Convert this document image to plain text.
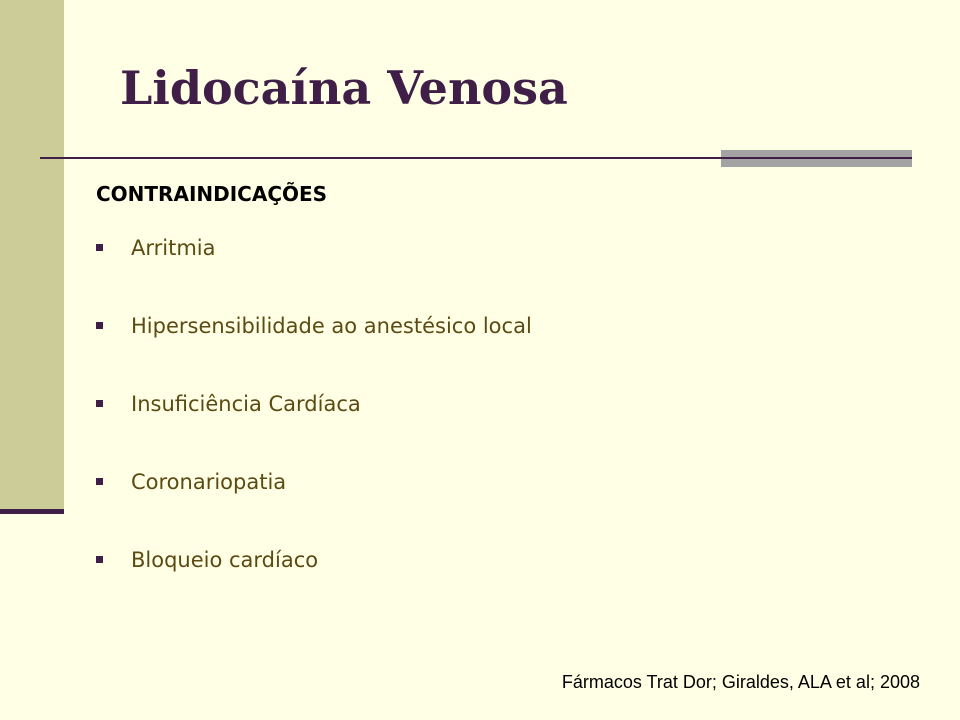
Lidocaína Venosa
CONTRAINDICAÇÕES
Arritmia
Hipersensibilidade ao anestésico local
Insuficiência Cardíaca
Coronariopatia
Bloqueio cardíaco

Fármacos Trat Dor; Giraldes, ALA et al; 2008
